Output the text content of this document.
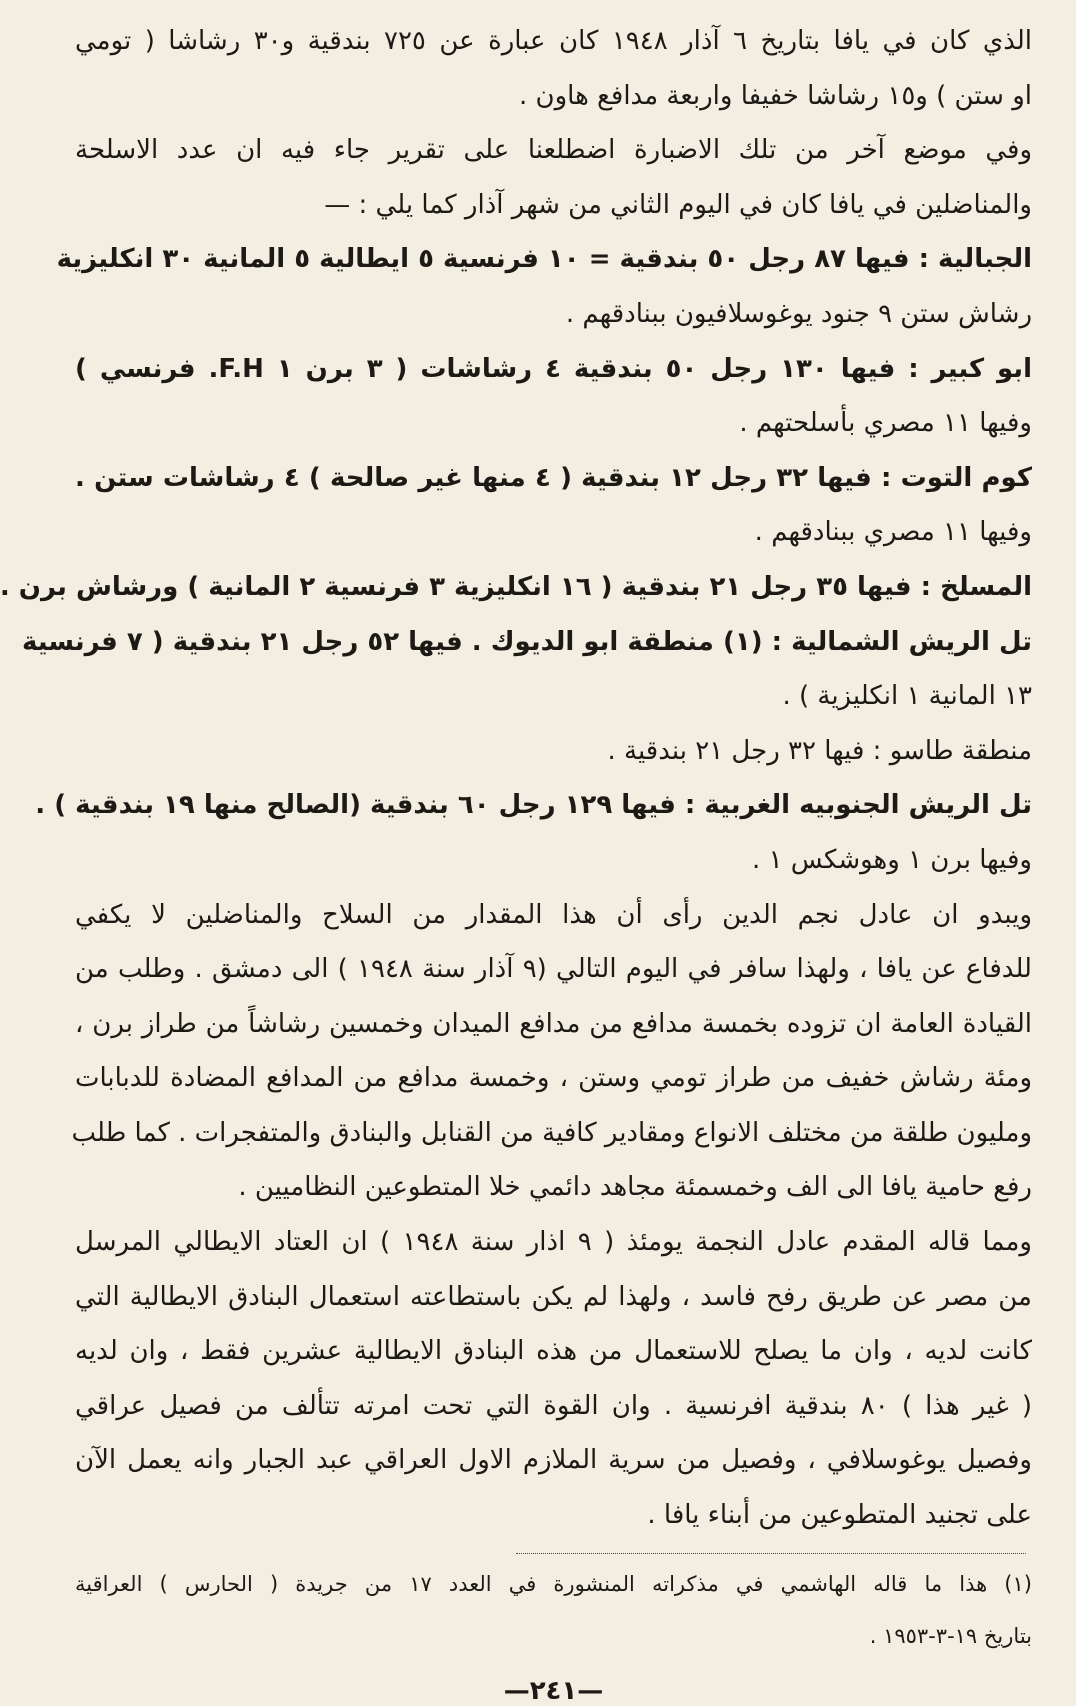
الذي كان في يافا بتاريخ ٦ آذار ١٩٤٨ كان عبارة عن ٧٢٥ بندقية و٣٠ رشاشا ( تومي
او ستن ) و١٥ رشاشا خفيفا واربعة مدافع هاون .
وفي موضع آخر من تلك الاضبارة اضطلعنا على تقرير جاء فيه ان عدد الاسلحة
والمناضلين في يافا كان في اليوم الثاني من شهر آذار كما يلي : —
الجبالية : فيها ٨٧ رجل ٥٠ بندقية = ١٠ فرنسية ٥ ايطالية ٥ المانية ٣٠ انكليزية
رشاش ستن ٩ جنود يوغوسلافيون ببنادقهم .
ابو كبير : فيها ١٣٠ رجل ٥٠ بندقية ٤ رشاشات ( ٣ برن ١ F.H. فرنسي )
وفيها ١١ مصري بأسلحتهم .
كوم التوت : فيها ٣٢ رجل ١٢ بندقية ( ٤ منها غير صالحة ) ٤ رشاشات ستن .
وفيها ١١ مصري ببنادقهم .
المسلخ : فيها ٣٥ رجل ٢١ بندقية ( ١٦ انكليزية ٣ فرنسية ٢ المانية ) ورشاش برن .
تل الريش الشمالية : (١) منطقة ابو الديوك . فيها ٥٢ رجل ٢١ بندقية ( ٧ فرنسية
١٣ المانية ١ انكليزية ) .
منطقة طاسو : فيها ٣٢ رجل ٢١ بندقية .
تل الريش الجنوبيه الغربية : فيها ١٢٩ رجل ٦٠ بندقية (الصالح منها ١٩ بندقية ) .
وفيها برن ١ وهوشكس ١ .
ويبدو ان عادل نجم الدين رأى أن هذا المقدار من السلاح والمناضلين لا يكفي
للدفاع عن يافا ، ولهذا سافر في اليوم التالي (٩ آذار سنة ١٩٤٨ ) الى دمشق . وطلب من
القيادة العامة ان تزوده بخمسة مدافع من مدافع الميدان وخمسين رشاشاً من طراز برن ،
ومئة رشاش خفيف من طراز تومي وستن ، وخمسة مدافع من المدافع المضادة للدبابات
ومليون طلقة من مختلف الانواع ومقادير كافية من القنابل والبنادق والمتفجرات . كما طلب
رفع حامية يافا الى الف وخمسمئة مجاهد دائمي خلا المتطوعين النظاميين .
ومما قاله المقدم عادل النجمة يومئذ ( ٩ اذار سنة ١٩٤٨ ) ان العتاد الايطالي المرسل
من مصر عن طريق رفح فاسد ، ولهذا لم يكن باستطاعته استعمال البنادق الايطالية التي
كانت لديه ، وان ما يصلح للاستعمال من هذه البنادق الايطالية عشرين فقط ، وان لديه
( غير هذا ) ٨٠ بندقية افرنسية . وان القوة التي تحت امرته تتألف من فصيل عراقي
وفصيل يوغوسلافي ، وفصيل من سرية الملازم الاول العراقي عبد الجبار وانه يعمل الآن
على تجنيد المتطوعين من أبناء يافا .
(١) هذا ما قاله الهاشمي في مذكراته المنشورة في العدد ١٧ من جريدة ( الحارس ) العراقية
بتاريخ ١٩-٣-١٩٥٣ .
—٢٤١—
